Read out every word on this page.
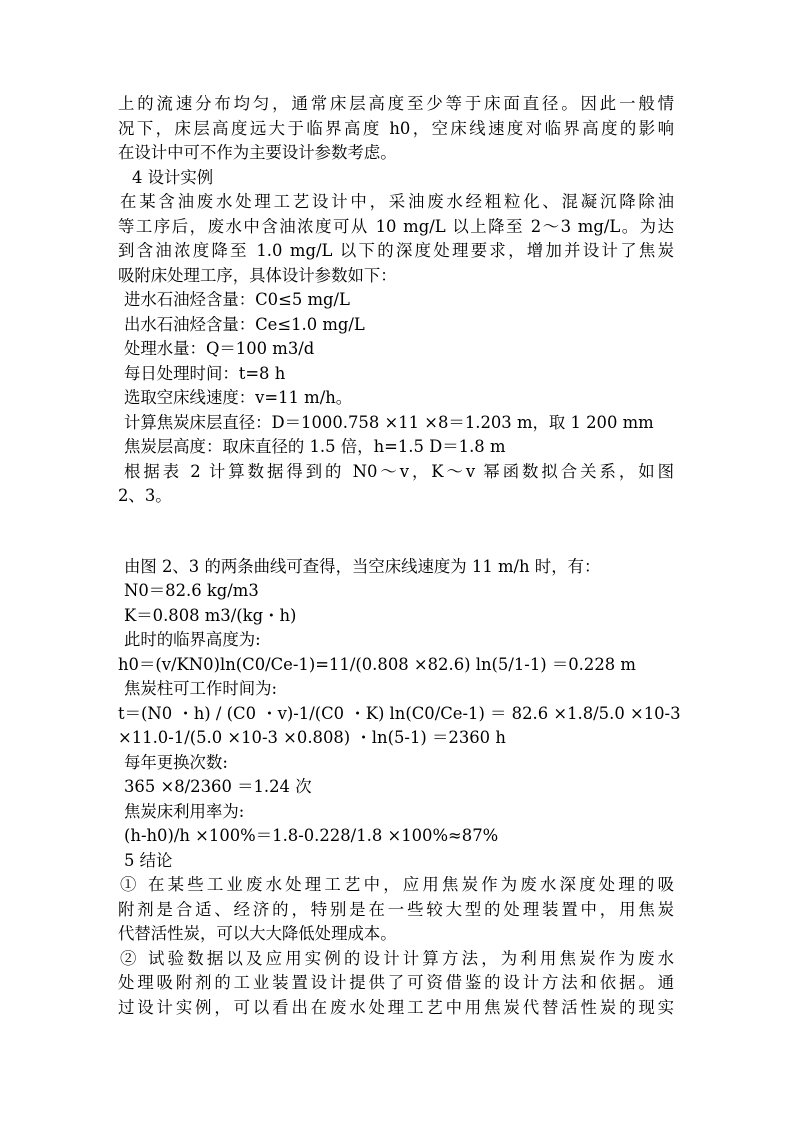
上的流速分布均匀，通常床层高度至少等于床面直径。因此一般情
况下，床层高度远大于临界高度 h0，空床线速度对临界高度的影响
在设计中可不作为主要设计参数考虑。
4 设计实例
在某含油废水处理工艺设计中，采油废水经粗粒化、混凝沉降除油
等工序后，废水中含油浓度可从 10 mg/L 以上降至 2～3 mg/L。为达
到含油浓度降至 1.0 mg/L 以下的深度处理要求，增加并设计了焦炭
吸附床处理工序，具体设计参数如下：
进水石油烃含量：C0≤5 mg/L
出水石油烃含量：Ce≤1.0 mg/L
处理水量：Q＝100 m3/d
每日处理时间：t=8 h
选取空床线速度：v=11 m/h。
计算焦炭床层直径：D＝1000.758 ×11 ×8＝1.203 m，取 1 200 mm
焦炭层高度：取床直径的 1.5 倍，h=1.5 D＝1.8 m
根据表 2 计算数据得到的 N0～v，K～v 幂函数拟合关系，如图
2、3。
由图 2、3 的两条曲线可查得，当空床线速度为 11 m/h 时，有：
N0＝82.6 kg/m3
K＝0.808 m3/(kg・h)
此时的临界高度为:
h0＝(v/KN0)ln(C0/Ce-1)=11/(0.808 ×82.6) ln(5/1-1) ＝0.228 m
焦炭柱可工作时间为:
t＝(N0 ・h) / (C0 ・v)-1/(C0 ・K) ln(C0/Ce-1) ＝ 82.6 ×1.8/5.0 ×10-3
×11.0-1/(5.0 ×10-3 ×0.808) ・ln(5-1) ＝2360 h
每年更换次数:
365 ×8/2360 ＝1.24 次
焦炭床利用率为:
(h-h0)/h ×100%＝1.8-0.228/1.8 ×100%≈87%
5 结论
① 在某些工业废水处理工艺中，应用焦炭作为废水深度处理的吸
附剂是合适、经济的，特别是在一些较大型的处理装置中，用焦炭
代替活性炭，可以大大降低处理成本。
② 试验数据以及应用实例的设计计算方法，为利用焦炭作为废水
处理吸附剂的工业装置设计提供了可资借鉴的设计方法和依据。通
过设计实例，可以看出在废水处理工艺中用焦炭代替活性炭的现实
